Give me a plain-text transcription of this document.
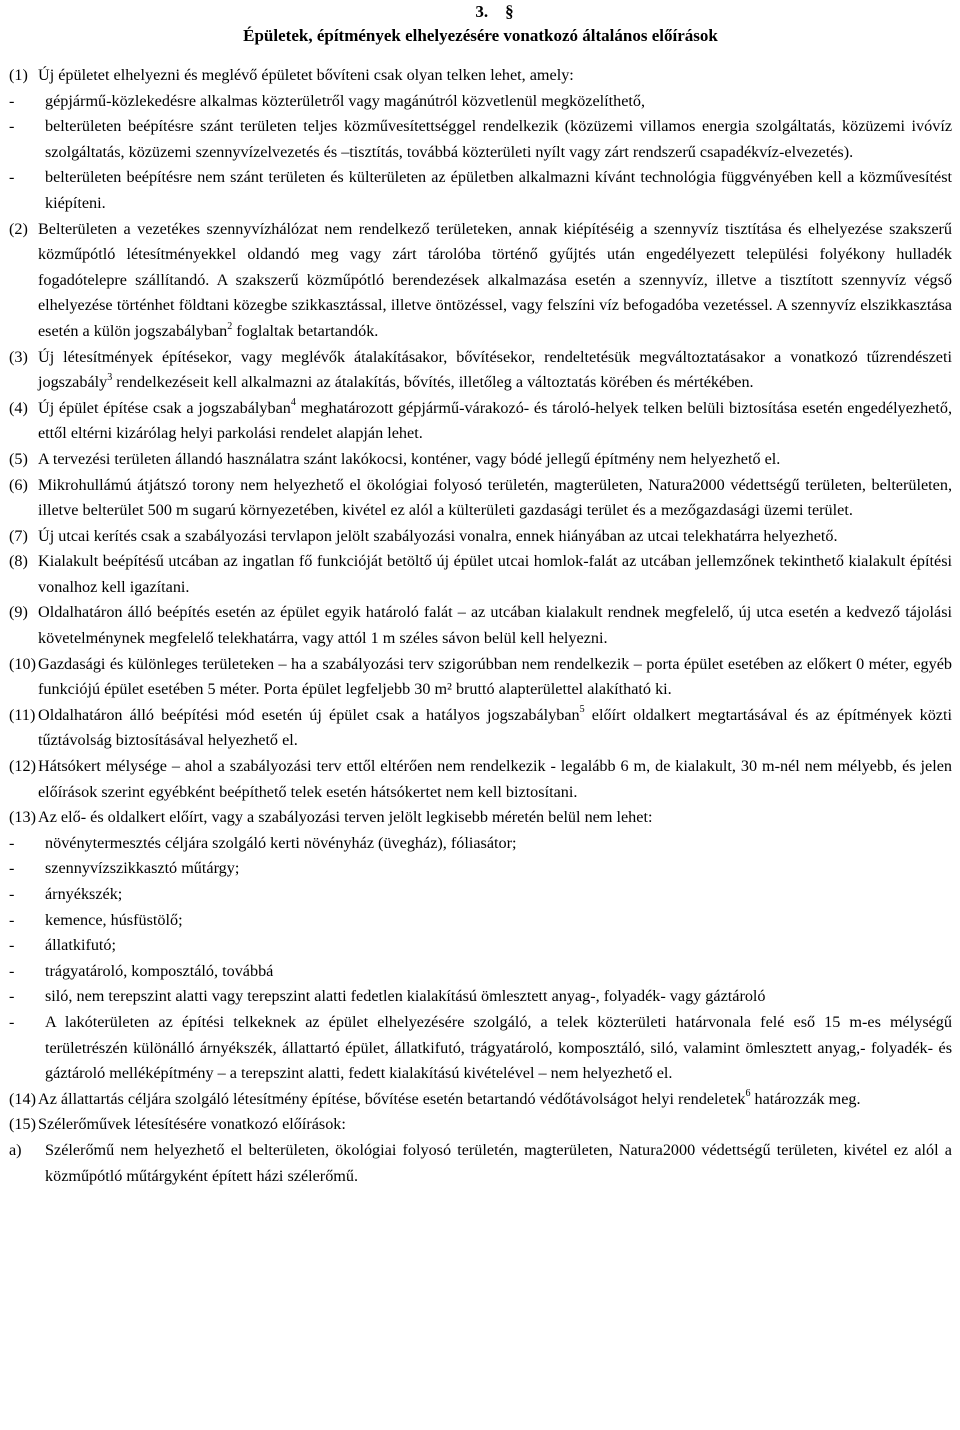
3. §
Épületek, építmények elhelyezésére vonatkozó általános előírások
(1) Új épületet elhelyezni és meglévő épületet bővíteni csak olyan telken lehet, amely:
-	gépjármű-közlekedésre alkalmas közterületről vagy magánútról közvetlenül megközelíthető,
-	belterületen beépítésre szánt területen teljes közművesítettséggel rendelkezik (közüzemi villamos energia szolgáltatás, közüzemi ivóvíz szolgáltatás, közüzemi szennyvízelvezetés és –tisztítás, továbbá közterületi nyílt vagy zárt rendszerű csapadékvíz-elvezetés).
-	belterületen beépítésre nem szánt területen és külterületen az épületben alkalmazni kívánt technológia függvényében kell a közművesítést kiépíteni.
(2) Belterületen a vezetékes szennyvízhálózat nem rendelkező területeken, annak kiépítéséig a szennyvíz tisztítása és elhelyezése szakszerű közműpótló létesítményekkel oldandó meg vagy zárt tárolóba történő gyűjtés után engedélyezett települési folyékony hulladék fogadótelepre szállítandó. A szakszerű közműpótló berendezések alkalmazása esetén a szennyvíz, illetve a tisztított szennyvíz végső elhelyezése történhet földtani közegbe szikkasztással, illetve öntözéssel, vagy felszíni víz befogadóba vezetéssel. A szennyvíz elszikkasztása esetén a külön jogszabályban$^2$ foglaltak betartandók.
(3) Új létesítmények építésekor, vagy meglévők átalakításakor, bővítésekor, rendeltetésük megváltoztatásakor a vonatkozó tűzrendészeti jogszabály$^3$ rendelkezéseit kell alkalmazni az átalakítás, bővítés, illetőleg a változtatás körében és mértékében.
(4) Új épület építése csak a jogszabályban$^4$ meghatározott gépjármű-várakozó- és tároló-helyek telken belüli biztosítása esetén engedélyezhető, ettől eltérni kizárólag helyi parkolási rendelet alapján lehet.
(5) A tervezési területen állandó használatra szánt lakókocsi, konténer, vagy bódé jellegű építmény nem helyezhető el.
(6) Mikrohullámú átjátszó torony nem helyezhető el ökológiai folyosó területén, magterületen, Natura2000 védettségű területen, belterületen, illetve belterület 500 m sugarú környezetében, kivétel ez alól a külterületi gazdasági terület és a mezőgazdasági üzemi terület.
(7) Új utcai kerítés csak a szabályozási tervlapon jelölt szabályozási vonalra, ennek hiányában az utcai telekhatárra helyezhető.
(8) Kialakult beépítésű utcában az ingatlan fő funkcióját betöltő új épület utcai homlok-falát az utcában jellemzőnek tekinthető kialakult építési vonalhoz kell igazítani.
(9) Oldalhatáron álló beépítés esetén az épület egyik határoló falát – az utcában kialakult rendnek megfelelő, új utca esetén a kedvező tájolási követelménynek megfelelő telekhatárra, vagy attól 1 m széles sávon belül kell helyezni.
(10) Gazdasági és különleges területeken – ha a szabályozási terv szigorúbban nem rendelkezik – porta épület esetében az előkert 0 méter, egyéb funkciójú épület esetében 5 méter. Porta épület legfeljebb 30 m² bruttó alapterülettel alakítható ki.
(11) Oldalhatáron álló beépítési mód esetén új épület csak a hatályos jogszabályban$^5$ előírt oldalkert megtartásával és az építmények közti tűztávolság biztosításával helyezhető el.
(12) Hátsókert mélysége – ahol a szabályozási terv ettől eltérően nem rendelkezik - legalább 6 m, de kialakult, 30 m-nél nem mélyebb, és jelen előírások szerint egyébként beépíthető telek esetén hátsókertet nem kell biztosítani.
(13) Az elő- és oldalkert előírt, vagy a szabályozási terven jelölt legkisebb méretén belül nem lehet:
-	növénytermesztés céljára szolgáló kerti növényház (üvegház), fóliasátor;
-	szennyvízszikkasztó műtárgy;
-	árnyékszék;
-	kemence, húsfüstölő;
-	állatkifutó;
-	trágyatároló, komposztáló, továbbá
-	siló, nem terepszint alatti vagy terepszint alatti fedetlen kialakítású ömlesztett anyag-, folyadék- vagy gáztároló
-	A lakóterületen az építési telkeknek az épület elhelyezésére szolgáló, a telek közterületi határvonala felé eső 15 m-es mélységű területrészén különálló árnyékszék, állattartó épület, állatkifutó, trágyatároló, komposztáló, siló, valamint ömlesztett anyag,- folyadék- és gáztároló melléképítmény – a terepszint alatti, fedett kialakítású kivételével – nem helyezhető el.
(14) Az állattartás céljára szolgáló létesítmény építése, bővítése esetén betartandó védőtávolságot helyi rendeletek$^6$ határozzák meg.
(15) Szélerőművek létesítésére vonatkozó előírások:
a)	Szélerőmű nem helyezhető el belterületen, ökológiai folyosó területén, magterületen, Natura2000 védettségű területen, kivétel ez alól a közműpótló műtárgyként épített házi szélerőmű.
